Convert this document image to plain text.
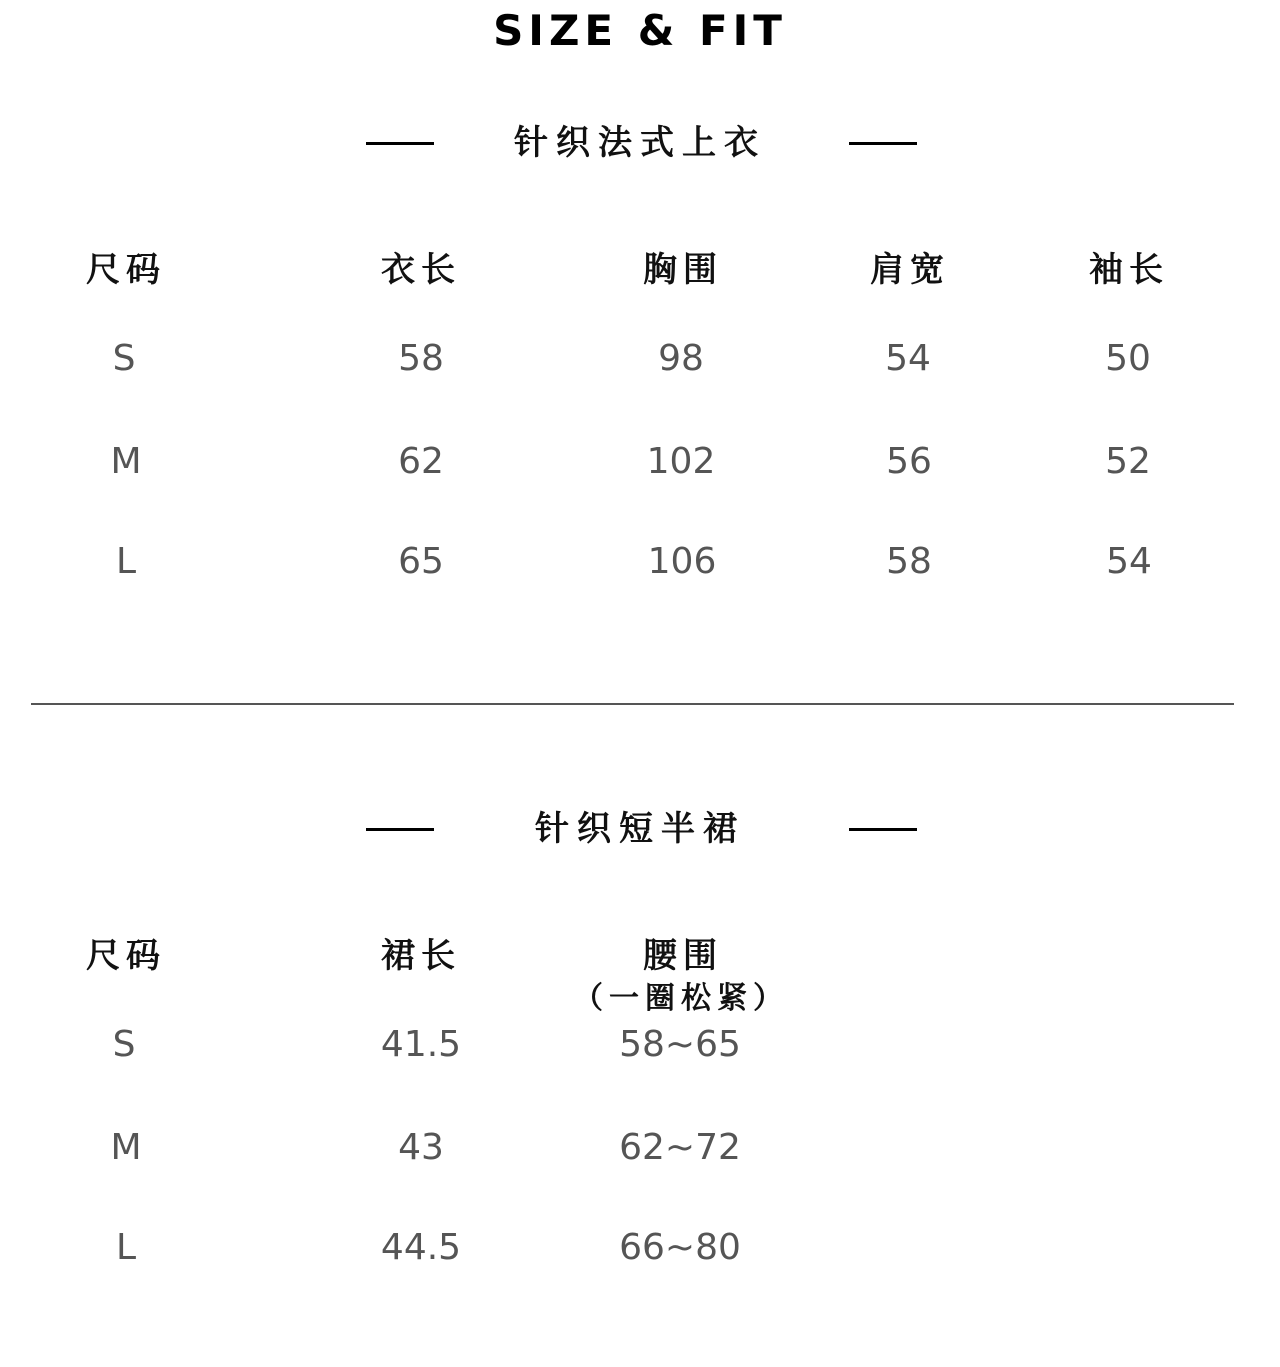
SIZE & FIT
针织法式上衣
尺码	衣长	胸围	肩宽	袖长
S	58	98	54	50
M	62	102	56	52
L	65	106	58	54
针织短半裙
尺码	裙长	腰围
（一圈松紧）
S	41.5	58~65
M	43	62~72
L	44.5	66~80
